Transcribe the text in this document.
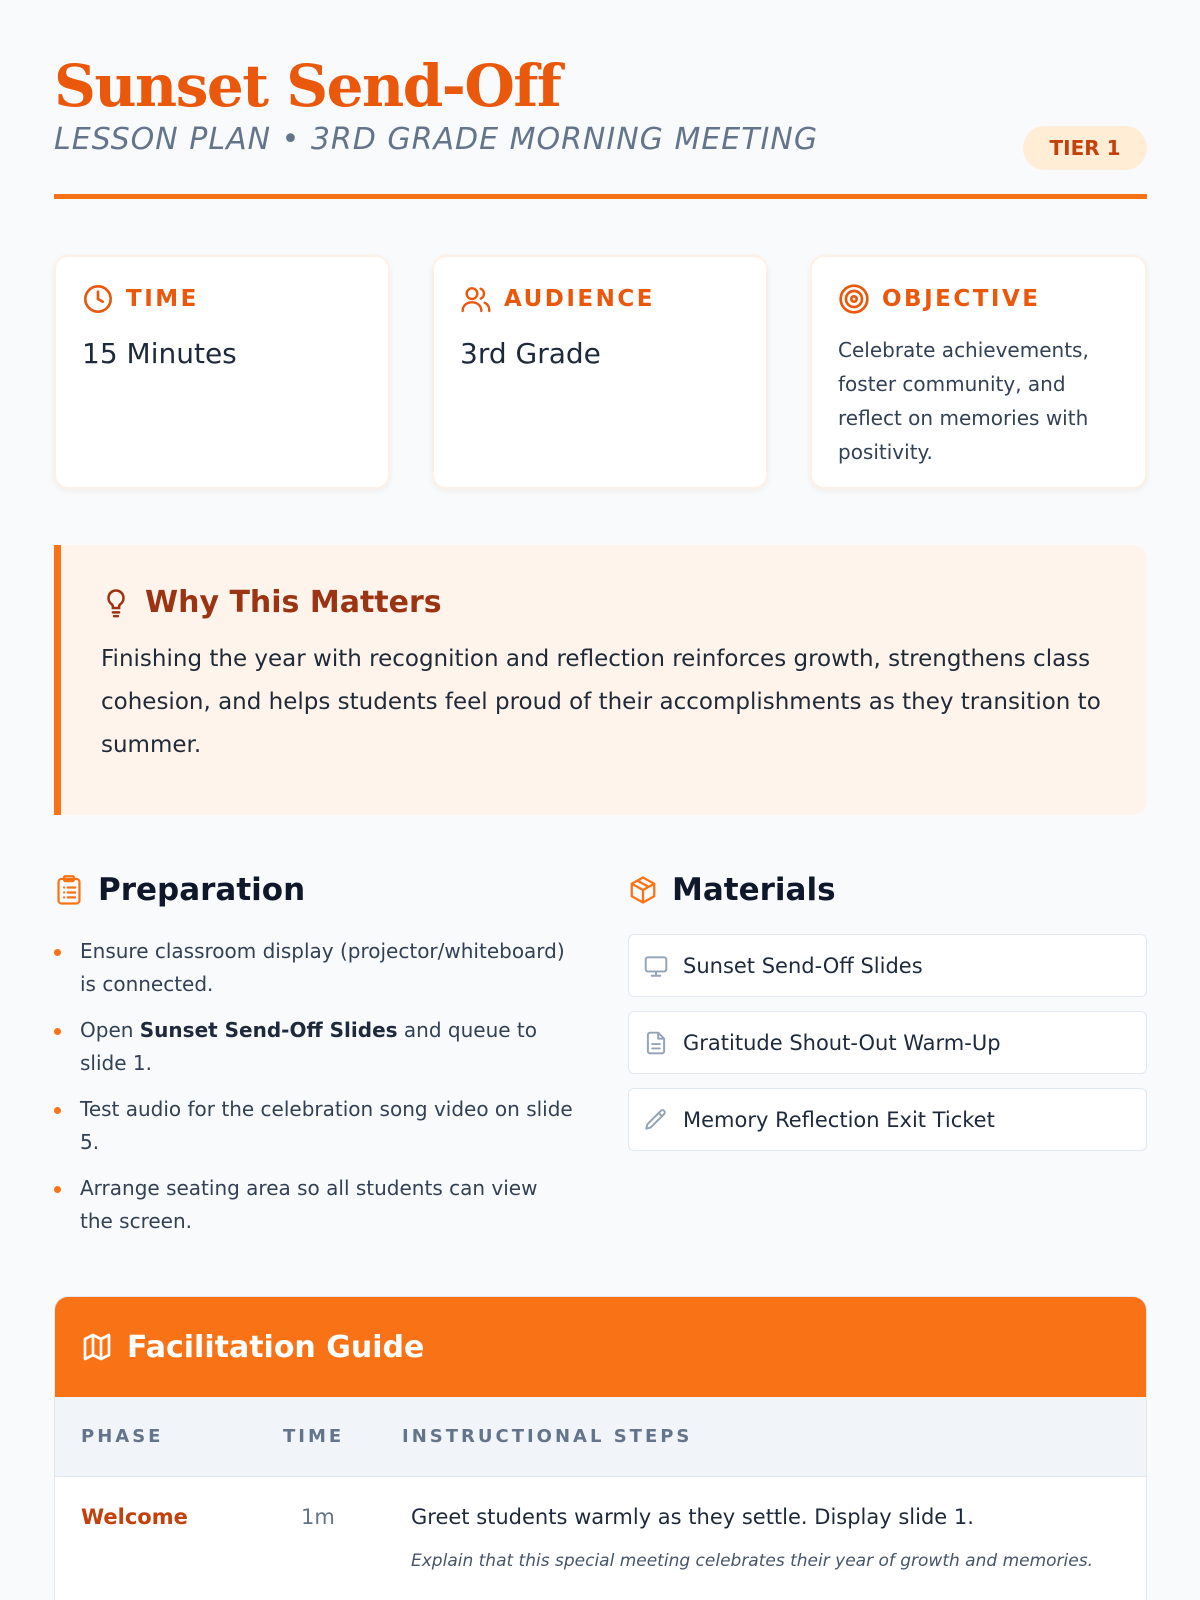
Sunset Send-Off
LESSON PLAN • 3RD GRADE MORNING MEETING	TIER 1
TIME
15 Minutes
AUDIENCE
3rd Grade
OBJECTIVE
Celebrate achievements, foster community, and reflect on memories with positivity.
Why This Matters
Finishing the year with recognition and reflection reinforces growth, strengthens class cohesion, and helps students feel proud of their accomplishments as they transition to summer.
Preparation
Ensure classroom display (projector/whiteboard) is connected.
Open Sunset Send-Off Slides and queue to slide 1.
Test audio for the celebration song video on slide 5.
Arrange seating area so all students can view the screen.
Materials
Sunset Send-Off Slides
Gratitude Shout-Out Warm-Up
Memory Reflection Exit Ticket
Facilitation Guide
PHASE	TIME	INSTRUCTIONAL STEPS
Welcome	1m	Greet students warmly as they settle. Display slide 1.
Explain that this special meeting celebrates their year of growth and memories.
